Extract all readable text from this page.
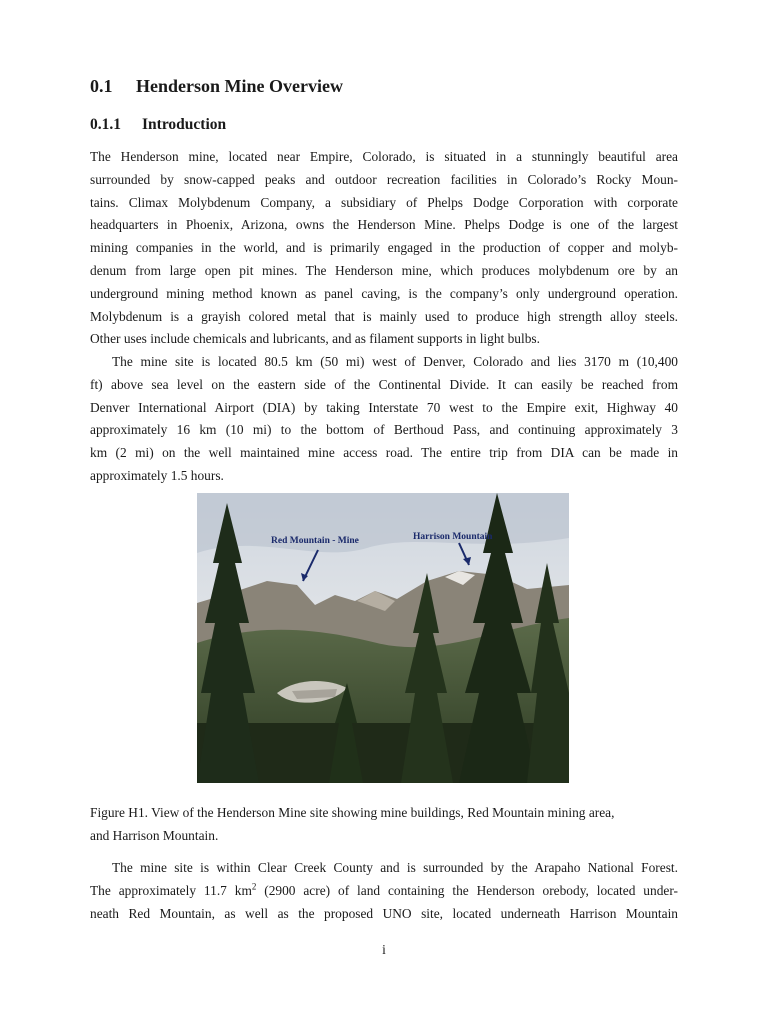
0.1 Henderson Mine Overview
0.1.1 Introduction
The Henderson mine, located near Empire, Colorado, is situated in a stunningly beautiful area
surrounded by snow-capped peaks and outdoor recreation facilities in Colorado’s Rocky Moun-
tains. Climax Molybdenum Company, a subsidiary of Phelps Dodge Corporation with corporate
headquarters in Phoenix, Arizona, owns the Henderson Mine. Phelps Dodge is one of the largest
mining companies in the world, and is primarily engaged in the production of copper and molyb-
denum from large open pit mines. The Henderson mine, which produces molybdenum ore by an
underground mining method known as panel caving, is the company’s only underground operation.
Molybdenum is a grayish colored metal that is mainly used to produce high strength alloy steels.
Other uses include chemicals and lubricants, and as filament supports in light bulbs.
The mine site is located 80.5 km (50 mi) west of Denver, Colorado and lies 3170 m (10,400
ft) above sea level on the eastern side of the Continental Divide. It can easily be reached from
Denver International Airport (DIA) by taking Interstate 70 west to the Empire exit, Highway 40
approximately 16 km (10 mi) to the bottom of Berthoud Pass, and continuing approximately 3
km (2 mi) on the well maintained mine access road. The entire trip from DIA can be made in
approximately 1.5 hours.
Red Mountain - Mine	Harrison Mountain
Figure H1. View of the Henderson Mine site showing mine buildings, Red Mountain mining area,
and Harrison Mountain.
The mine site is within Clear Creek County and is surrounded by the Arapaho National Forest.
The approximately 11.7 $km^2$ (2900 acre) of land containing the Henderson orebody, located under-
neath Red Mountain, as well as the proposed UNO site, located underneath Harrison Mountain
i
